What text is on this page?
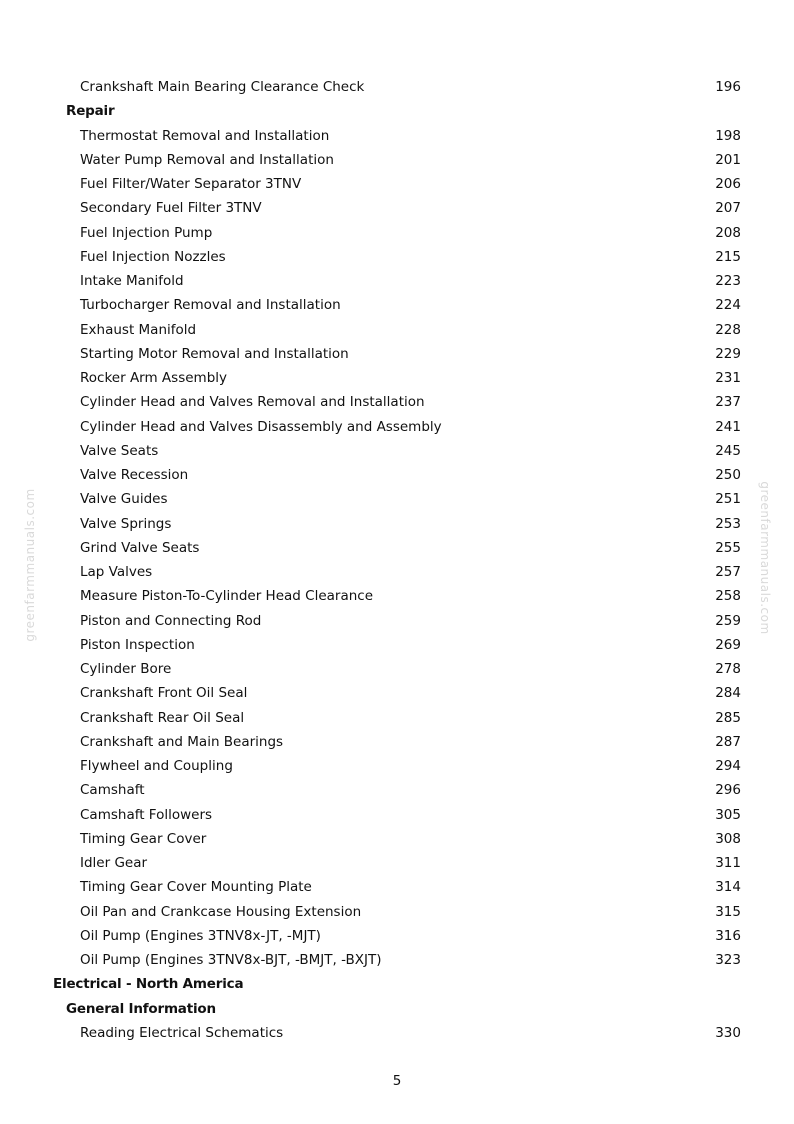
greenfarmmanuals.com	greenfarmmanuals.com
Crankshaft Main Bearing Clearance Check	196
Repair
Thermostat Removal and Installation	198
Water Pump Removal and Installation	201
Fuel Filter/Water Separator 3TNV	206
Secondary Fuel Filter 3TNV	207
Fuel Injection Pump	208
Fuel Injection Nozzles	215
Intake Manifold	223
Turbocharger Removal and Installation	224
Exhaust Manifold	228
Starting Motor Removal and Installation	229
Rocker Arm Assembly	231
Cylinder Head and Valves Removal and Installation	237
Cylinder Head and Valves Disassembly and Assembly	241
Valve Seats	245
Valve Recession	250
Valve Guides	251
Valve Springs	253
Grind Valve Seats	255
Lap Valves	257
Measure Piston-To-Cylinder Head Clearance	258
Piston and Connecting Rod	259
Piston Inspection	269
Cylinder Bore	278
Crankshaft Front Oil Seal	284
Crankshaft Rear Oil Seal	285
Crankshaft and Main Bearings	287
Flywheel and Coupling	294
Camshaft	296
Camshaft Followers	305
Timing Gear Cover	308
Idler Gear	311
Timing Gear Cover Mounting Plate	314
Oil Pan and Crankcase Housing Extension	315
Oil Pump (Engines 3TNV8x-JT, -MJT)	316
Oil Pump (Engines 3TNV8x-BJT, -BMJT, -BXJT)	323
Electrical - North America
General Information
Reading Electrical Schematics	330
5
